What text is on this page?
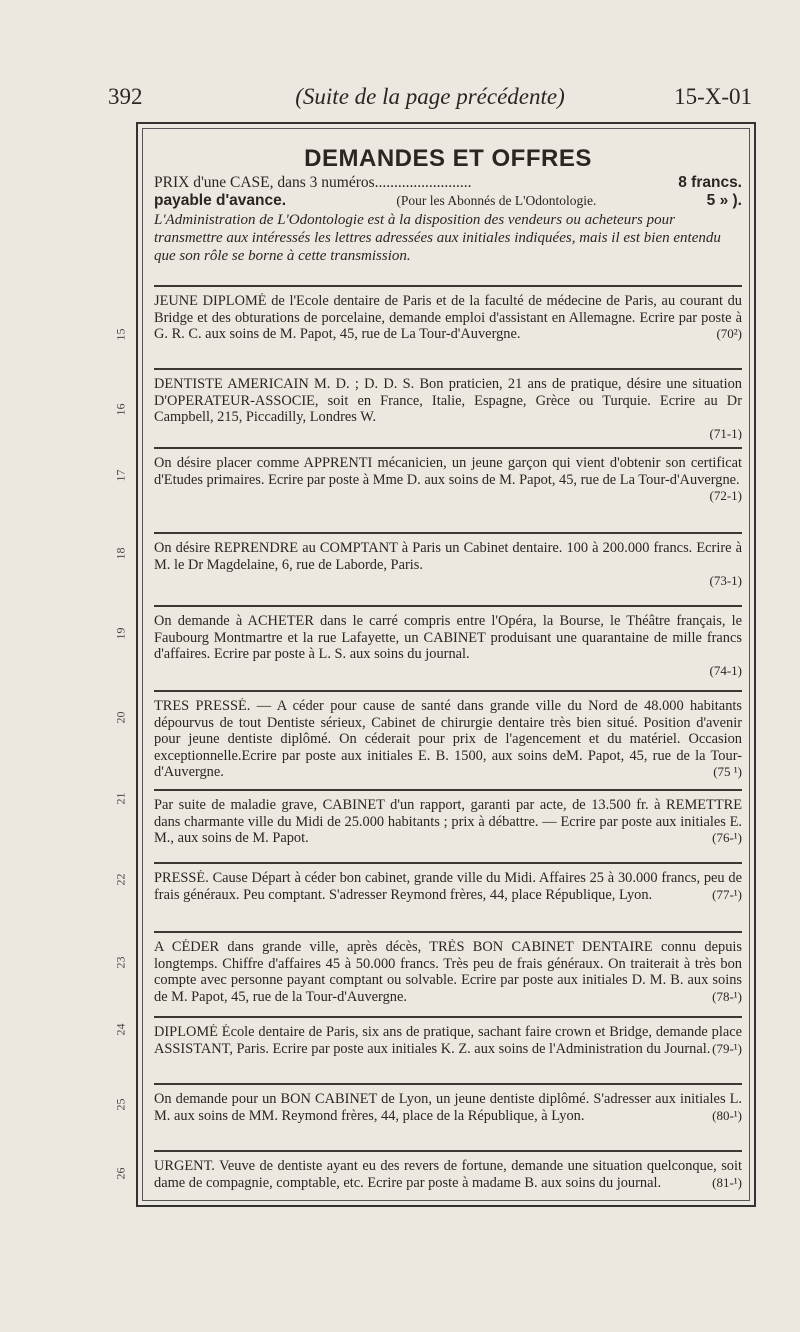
392	(Suite de la page précédente)	15-X-01
15
16
17
18
19
20
21
22
23
24
25
26
DEMANDES ET OFFRES
PRIX d'une CASE, dans 3 numéros.........................	8 francs.
payable d'avance.	(Pour les Abonnés de L'Odontologie.	5 » ).
L'Administration de L'Odontologie est à la disposition des vendeurs ou acheteurs pour transmettre aux intéressés les lettres adressées aux initiales indiquées, mais il est bien entendu que son rôle se borne à cette transmission.
JEUNE DIPLOMÉ de l'Ecole dentaire de Paris et de la faculté de médecine de Paris, au courant du Bridge et des obturations de porcelaine, demande emploi d'assistant en Allemagne. Ecrire par poste à G. R. C. aux soins de M. Papot, 45, rue de La Tour-d'Auvergne.	(70²)
DENTISTE AMERICAIN M. D. ; D. D. S. Bon praticien, 21 ans de pratique, désire une situation D'OPERATEUR-ASSOCIE, soit en France, Italie, Espagne, Grèce ou Turquie. Ecrire au Dr Campbell, 215, Piccadilly, Londres W.
(71-1)
On désire placer comme APPRENTI mécanicien, un jeune garçon qui vient d'obtenir son certificat d'Etudes primaires. Ecrire par poste à Mme D. aux soins de M. Papot, 45, rue de La Tour-d'Auvergne.
(72-1)
On désire REPRENDRE au COMPTANT à Paris un Cabinet dentaire. 100 à 200.000 francs. Ecrire à M. le Dr Magdelaine, 6, rue de Laborde, Paris.
(73-1)
On demande à ACHETER dans le carré compris entre l'Opéra, la Bourse, le Théâtre français, le Faubourg Montmartre et la rue Lafayette, un CABINET produisant une quarantaine de mille francs d'affaires. Ecrire par poste à L. S. aux soins du journal.
(74-1)
TRES PRESSÉ. — A céder pour cause de santé dans grande ville du Nord de 48.000 habitants dépourvus de tout Dentiste sérieux, Cabinet de chirurgie dentaire très bien situé. Position d'avenir pour jeune dentiste diplômé. On céderait pour prix de l'agencement et du matériel. Occasion exceptionnelle.Ecrire par poste aux initiales E. B. 1500, aux soins deM. Papot, 45, rue de la Tour-d'Auvergne.	(75 ¹)
Par suite de maladie grave, CABINET d'un rapport, garanti par acte, de 13.500 fr. à REMETTRE dans charmante ville du Midi de 25.000 habitants ; prix à débattre. — Ecrire par poste aux initiales E. M., aux soins de M. Papot.	(76-¹)
PRESSÉ. Cause Départ à céder bon cabinet, grande ville du Midi. Affaires 25 à 30.000 francs, peu de frais généraux. Peu comptant. S'adresser Reymond frères, 44, place République, Lyon.	(77-¹)
A CÉDER dans grande ville, après décès, TRÈS BON CABINET DENTAIRE connu depuis longtemps. Chiffre d'affaires 45 à 50.000 francs. Très peu de frais généraux. On traiterait à très bon compte avec personne payant comptant ou solvable. Ecrire par poste aux initiales D. M. B. aux soins de M. Papot, 45, rue de la Tour-d'Auvergne.	(78-¹)
DIPLOMÉ École dentaire de Paris, six ans de pratique, sachant faire crown et Bridge, demande place ASSISTANT, Paris. Ecrire par poste aux initiales K. Z. aux soins de l'Administration du Journal. (79-¹)
On demande pour un BON CABINET de Lyon, un jeune dentiste diplômé. S'adresser aux initiales L. M. aux soins de MM. Reymond frères, 44, place de la République, à Lyon.	(80-¹)
URGENT. Veuve de dentiste ayant eu des revers de fortune, demande une situation quelconque, soit dame de compagnie, comptable, etc. Ecrire par poste à madame B. aux soins du journal.	(81-¹)
